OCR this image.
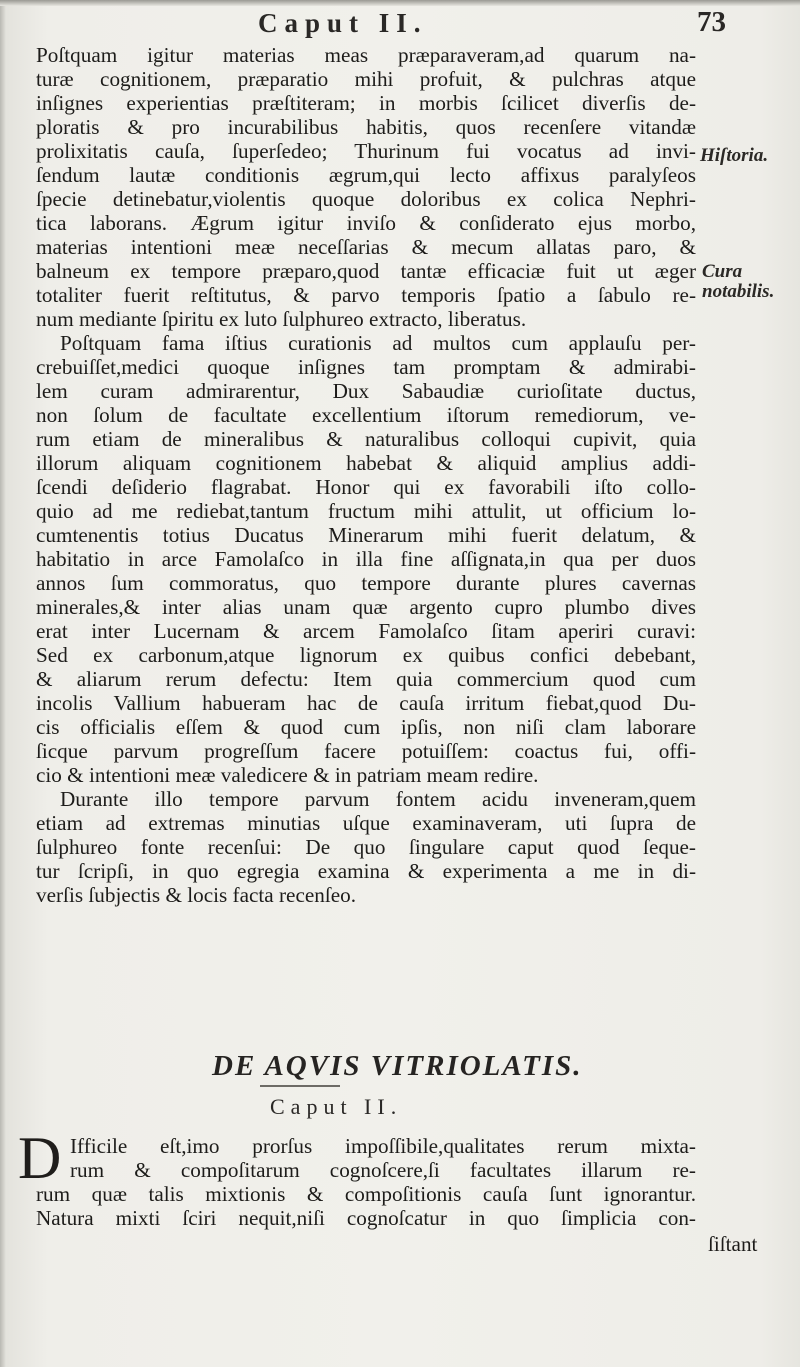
Caput II.	73
Poſtquam igitur materias meas præparaveram,ad quarum na-
turæ cognitionem, præparatio mihi profuit, & pulchras atque
inſignes experientias præſtiteram; in morbis ſcilicet diverſis de-
ploratis & pro incurabilibus habitis, quos recenſere vitandæ
prolixitatis cauſa, ſuperſedeo; Thurinum fui vocatus ad invi-
ſendum lautæ conditionis ægrum,qui lecto affixus paralyſeos
ſpecie detinebatur,violentis quoque doloribus ex colica Nephri-
tica laborans. Ægrum igitur inviſo & conſiderato ejus morbo,
materias intentioni meæ neceſſarias & mecum allatas paro, &
balneum ex tempore præparo,quod tantæ efficaciæ fuit ut æger
totaliter fuerit reſtitutus, & parvo temporis ſpatio a ſabulo re-
num mediante ſpiritu ex luto ſulphureo extracto, liberatus.
Poſtquam fama iſtius curationis ad multos cum applauſu per-
crebuiſſet,medici quoque inſignes tam promptam & admirabi-
lem curam admirarentur, Dux Sabaudiæ curioſitate ductus,
non ſolum de facultate excellentium iſtorum remediorum, ve-
rum etiam de mineralibus & naturalibus colloqui cupivit, quia
illorum aliquam cognitionem habebat & aliquid amplius addi-
ſcendi deſiderio flagrabat. Honor qui ex favorabili iſto collo-
quio ad me rediebat,tantum fructum mihi attulit, ut officium lo-
cumtenentis totius Ducatus Minerarum mihi fuerit delatum, &
habitatio in arce Famolaſco in illa fine aſſignata,in qua per duos
annos ſum commoratus, quo tempore durante plures cavernas
minerales,& inter alias unam quæ argento cupro plumbo dives
erat inter Lucernam & arcem Famolaſco ſitam aperiri curavi:
Sed ex carbonum,atque lignorum ex quibus confici debebant,
& aliarum rerum defectu: Item quia commercium quod cum
incolis Vallium habueram hac de cauſa irritum fiebat,quod Du-
cis officialis eſſem & quod cum ipſis, non niſi clam laborare
ſicque parvum progreſſum facere potuiſſem: coactus fui, offi-
cio & intentioni meæ valedicere & in patriam meam redire.
Durante illo tempore parvum fontem acidu inveneram,quem
etiam ad extremas minutias uſque examinaveram, uti ſupra de
ſulphureo fonte recenſui: De quo ſingulare caput quod ſeque-
tur ſcripſi, in quo egregia examina & experimenta a me in di-
verſis ſubjectis & locis facta recenſeo.
Hiſtoria.
Cura notabilis.
DE AQVIS VITRIOLATIS.
Caput II.
D Ifficile eſt,imo prorſus impoſſibile,qualitates rerum mixta-
rum & compoſitarum cognoſcere,ſi facultates illarum re-
rum quæ talis mixtionis & compoſitionis cauſa ſunt ignorantur.
Natura mixti ſciri nequit,niſi cognoſcatur in quo ſimplicia con-
ſiſtant
